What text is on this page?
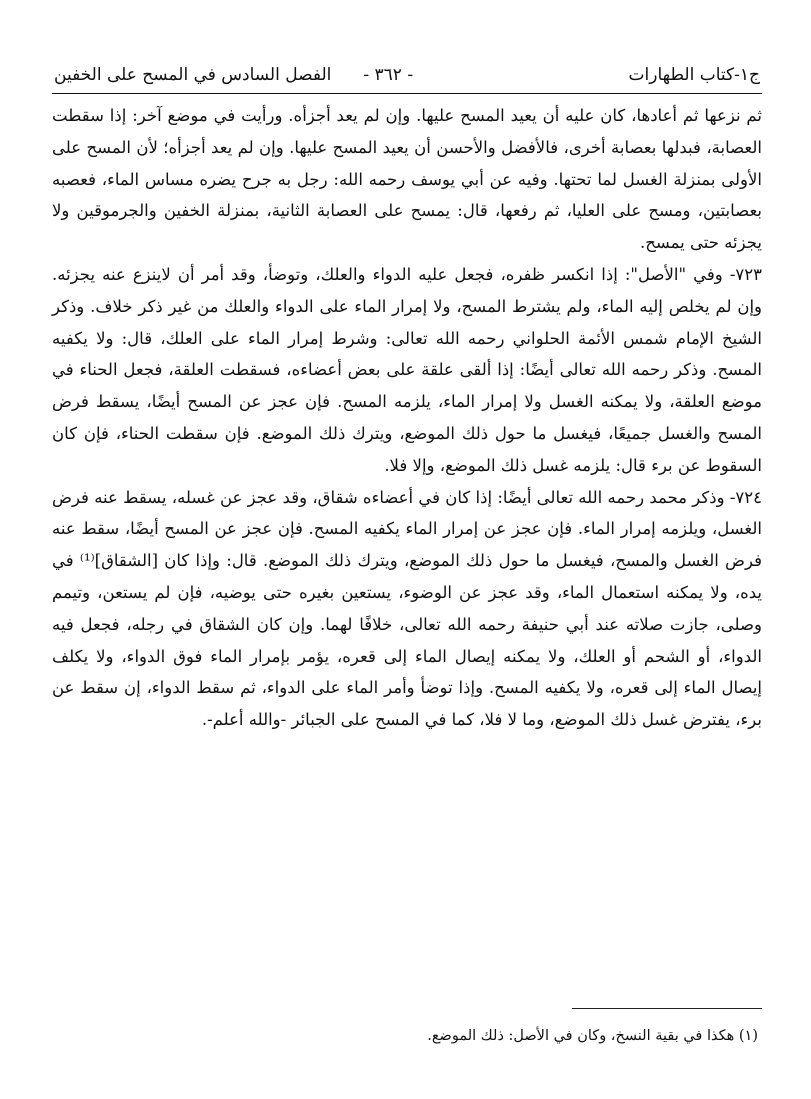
ج١-كتاب الطهارات
- ٣٦٢ -الفصل السادس في المسح على الخفين

ثم نزعها ثم أعادها، كان عليه أن يعيد المسح عليها. وإن لم يعد أجزأه. ورأيت في موضع آخر: إذا سقطت العصابة، فبدلها بعصابة أخرى، فالأفضل والأحسن أن يعيد المسح عليها. وإن لم يعد أجزأه؛ لأن المسح على الأولى بمنزلة الغسل لما تحتها. وفيه عن أبي يوسف رحمه الله: رجل به جرح يضره مساس الماء، فعصبه بعصابتين، ومسح على العليا، ثم رفعها، قال: يمسح على العصابة الثانية، بمنزلة الخفين والجرموقين ولا يجزئه حتى يمسح.

٧٢٣- وفي "الأصل": إذا انكسر ظفره، فجعل عليه الدواء والعلك، وتوضأ، وقد أمر أن لاينزع عنه يجزئه. وإن لم يخلص إليه الماء، ولم يشترط المسح، ولا إمرار الماء على الدواء والعلك من غير ذكر خلاف. وذكر الشيخ الإمام شمس الأئمة الحلواني رحمه الله تعالى: وشرط إمرار الماء على العلك، قال: ولا يكفيه المسح. وذكر رحمه الله تعالى أيضًا: إذا ألقى علقة على بعض أعضاءه، فسقطت العلقة، فجعل الحناء في موضع العلقة، ولا يمكنه الغسل ولا إمرار الماء، يلزمه المسح. فإن عجز عن المسح أيضًا، يسقط فرض المسح والغسل جميعًا، فيغسل ما حول ذلك الموضع، ويترك ذلك الموضع. فإن سقطت الحناء، فإن كان السقوط عن برء قال: يلزمه غسل ذلك الموضع، وإلا فلا.

٧٢٤- وذكر محمد رحمه الله تعالى أيضًا: إذا كان في أعضاءه شقاق، وقد عجز عن غسله، يسقط عنه فرض الغسل، ويلزمه إمرار الماء. فإن عجز عن إمرار الماء يكفيه المسح. فإن عجز عن المسح أيضًا، سقط عنه فرض الغسل والمسح، فيغسل ما حول ذلك الموضع، ويترك ذلك الموضع. قال: وإذا كان [الشقاق]⁽¹⁾ في يده، ولا يمكنه استعمال الماء، وقد عجز عن الوضوء، يستعين بغيره حتى يوضيه، فإن لم يستعن، وتيمم وصلى، جازت صلاته عند أبي حنيفة رحمه الله تعالى، خلافًا لهما. وإن كان الشقاق في رجله، فجعل فيه الدواء، أو الشحم أو العلك، ولا يمكنه إيصال الماء إلى قعره، يؤمر بإمرار الماء فوق الدواء، ولا يكلف إيصال الماء إلى قعره، ولا يكفيه المسح. وإذا توضأ وأمر الماء على الدواء، ثم سقط الدواء، إن سقط عن برء، يفترض غسل ذلك الموضع، وما لا فلا، كما في المسح على الجبائر -والله أعلم-.

(١) هكذا في بقية النسخ، وكان في الأصل: ذلك الموضع.
